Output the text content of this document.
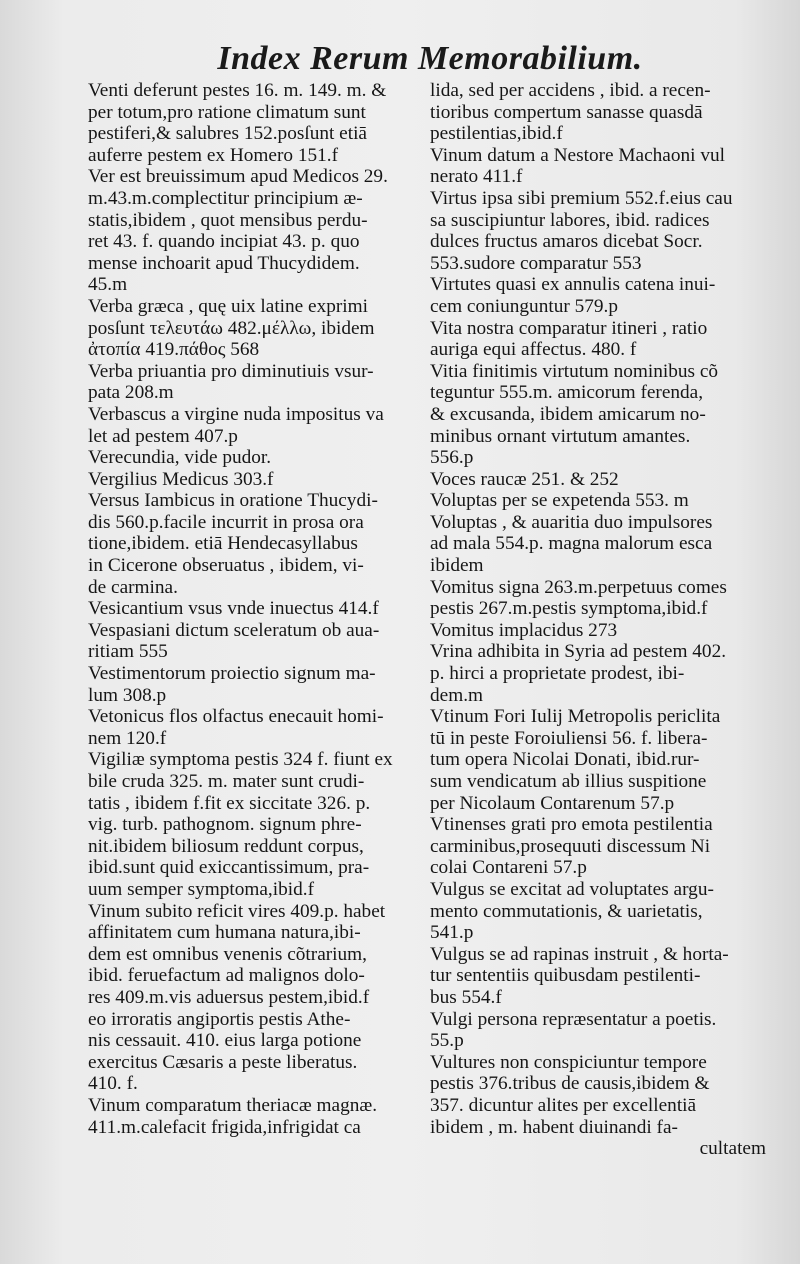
Index Rerum Memorabilium.

Venti deferunt pestes 16. m. 149. m. &
per totum,pro ratione climatum sunt
pestiferi,& salubres 152.posſunt etiā
auferre pestem ex Homero 151.f

Ver est breuissimum apud Medicos 29.
m.43.m.complectitur principium æ-
statis,ibidem , quot mensibus perdu-
ret 43. f. quando incipiat 43. p. quo
mense inchoarit apud Thucydidem.
45.m

Verba græca , quę uix latine exprimi
posſunt τελευτάω 482.μέλλω, ibidem
ἀτοπία 419.πάθος 568

Verba priuantia pro diminutiuis vsur-
pata 208.m

Verbascus a virgine nuda impositus va
let ad pestem 407.p

Verecundia, vide pudor.

Vergilius Medicus 303.f

Versus Iambicus in oratione Thucydi-
dis 560.p.facile incurrit in prosa ora
tione,ibidem. etiā Hendecasyllabus
in Cicerone obseruatus , ibidem, vi-
de carmina.

Vesicantium vsus vnde inuectus 414.f

Vespasiani dictum sceleratum ob aua-
ritiam 555

Vestimentorum proiectio signum ma-
lum 308.p

Vetonicus flos olfactus enecauit homi-
nem 120.f

Vigiliæ symptoma pestis 324 f. fiunt ex
bile cruda 325. m. mater sunt crudi-
tatis , ibidem f.fit ex siccitate 326. p.
vig. turb. pathognom. signum phre-
nit.ibidem biliosum reddunt corpus,
ibid.sunt quid exiccantissimum, pra-
uum semper symptoma,ibid.f

Vinum subito reficit vires 409.p. habet
affinitatem cum humana natura,ibi-
dem est omnibus venenis cõtrarium,
ibid. feruefactum ad malignos dolo-
res 409.m.vis aduersus pestem,ibid.f
eo irroratis angiportis pestis Athe-
nis cessauit. 410. eius larga potione
exercitus Cæsaris a peste liberatus.
410. f.

Vinum comparatum theriacæ magnæ.
411.m.calefacit frigida,infrigidat ca

lida, sed per accidens , ibid. a recen-
tioribus compertum sanasse quasdā
pestilentias,ibid.f

Vinum datum a Nestore Machaoni vul
nerato 411.f

Virtus ipsa sibi premium 552.f.eius cau
sa suscipiuntur labores, ibid. radices
dulces fructus amaros dicebat Socr.
553.sudore comparatur 553

Virtutes quasi ex annulis catena inui-
cem coniunguntur 579.p

Vita nostra comparatur itineri , ratio
auriga equi affectus. 480. f

Vitia finitimis virtutum nominibus cõ
teguntur 555.m. amicorum ferenda,
& excusanda, ibidem amicarum no-
minibus ornant virtutum amantes.
556.p

Voces raucæ 251. & 252

Voluptas per se expetenda 553. m

Voluptas , & auaritia duo impulsores
ad mala 554.p. magna malorum esca
ibidem

Vomitus signa 263.m.perpetuus comes
pestis 267.m.pestis symptoma,ibid.f

Vomitus implacidus 273

Vrina adhibita in Syria ad pestem 402.
p. hirci a proprietate prodest, ibi-
dem.m

Vtinum Fori Iulij Metropolis periclita
tū in peste Foroiuliensi 56. f. libera-
tum opera Nicolai Donati, ibid.rur-
sum vendicatum ab illius suspitione
per Nicolaum Contarenum 57.p

Vtinenses grati pro emota pestilentia
carminibus,prosequuti discessum Ni
colai Contareni 57.p

Vulgus se excitat ad voluptates argu-
mento commutationis, & uarietatis,
541.p

Vulgus se ad rapinas instruit , & horta-
tur sententiis quibusdam pestilenti-
bus 554.f

Vulgi persona repræsentatur a poetis.
55.p

Vultures non conspiciuntur tempore
pestis 376.tribus de causis,ibidem &
357. dicuntur alites per excellentiā
ibidem , m. habent diuinandi fa-

cultatem
